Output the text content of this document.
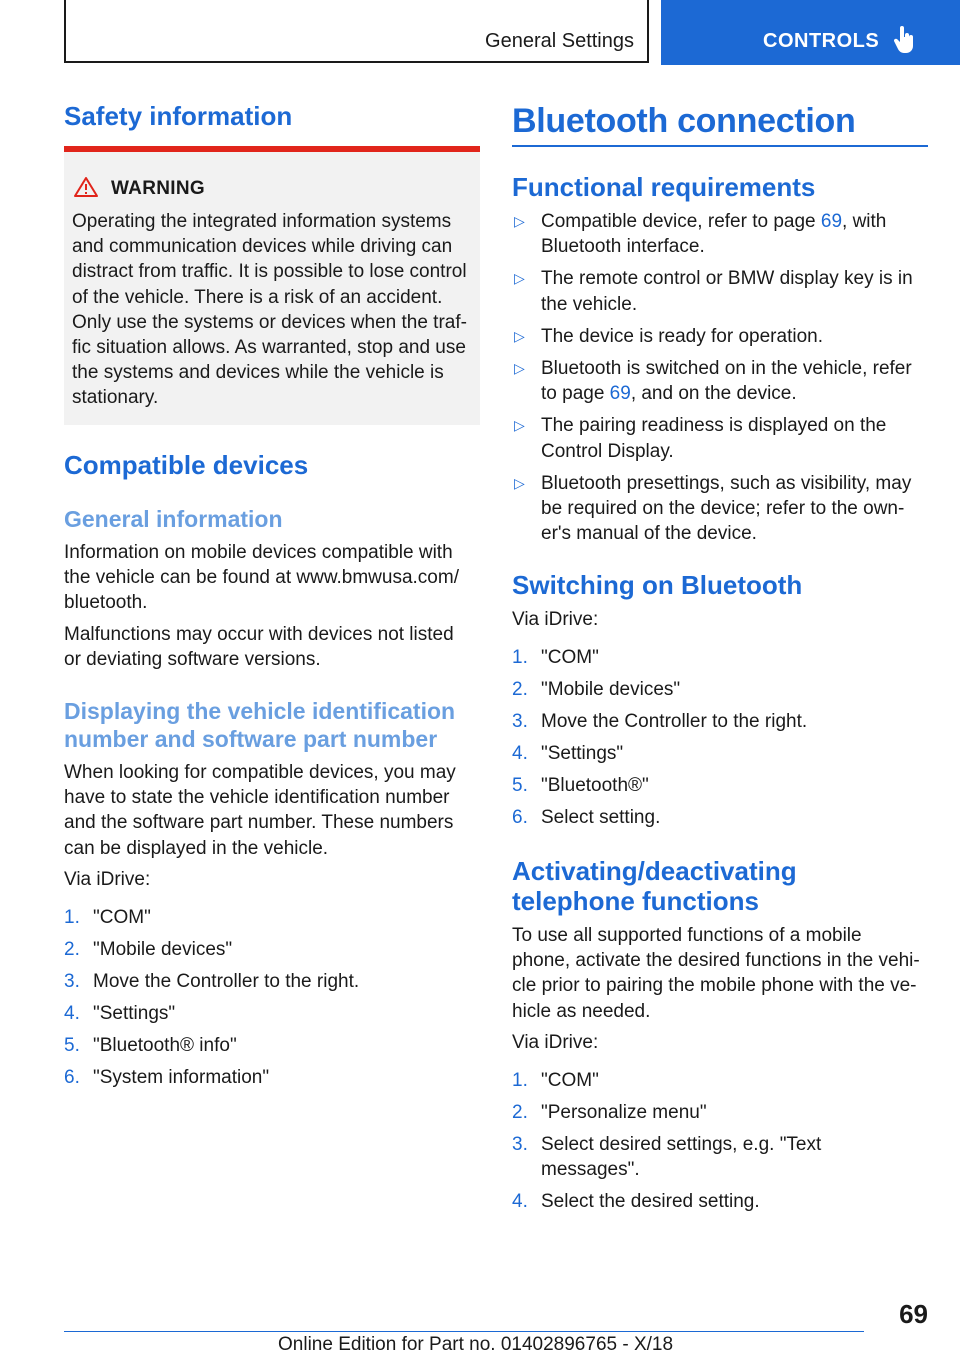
General Settings	CONTROLS
Safety information
WARNING
Operating the integrated information systems
and communication devices while driving can
distract from traffic. It is possible to lose control
of the vehicle. There is a risk of an accident.
Only use the systems or devices when the traf‐
fic situation allows. As warranted, stop and use
the systems and devices while the vehicle is
stationary.
Compatible devices
General information
Information on mobile devices compatible with
the vehicle can be found at www.bmwusa.com/
bluetooth.
Malfunctions may occur with devices not listed
or deviating software versions.
Displaying the vehicle identification
number and software part number
When looking for compatible devices, you may
have to state the vehicle identification number
and the software part number. These numbers
can be displayed in the vehicle.
Via iDrive:
1. "COM"
2. "Mobile devices"
3. Move the Controller to the right.
4. "Settings"
5. "Bluetooth® info"
6. "System information"
Bluetooth connection
Functional requirements
▷ Compatible device, refer to page 69, with
Bluetooth interface.
▷ The remote control or BMW display key is in
the vehicle.
▷ The device is ready for operation.
▷ Bluetooth is switched on in the vehicle, refer
to page 69, and on the device.
▷ The pairing readiness is displayed on the
Control Display.
▷ Bluetooth presettings, such as visibility, may
be required on the device; refer to the own‐
er's manual of the device.
Switching on Bluetooth
Via iDrive:
1. "COM"
2. "Mobile devices"
3. Move the Controller to the right.
4. "Settings"
5. "Bluetooth®"
6. Select setting.
Activating/deactivating
telephone functions
To use all supported functions of a mobile
phone, activate the desired functions in the vehi‐
cle prior to pairing the mobile phone with the ve‐
hicle as needed.
Via iDrive:
1. "COM"
2. "Personalize menu"
3. Select desired settings, e.g. "Text
messages".
4. Select the desired setting.
69
Online Edition for Part no. 01402896765 - X/18
